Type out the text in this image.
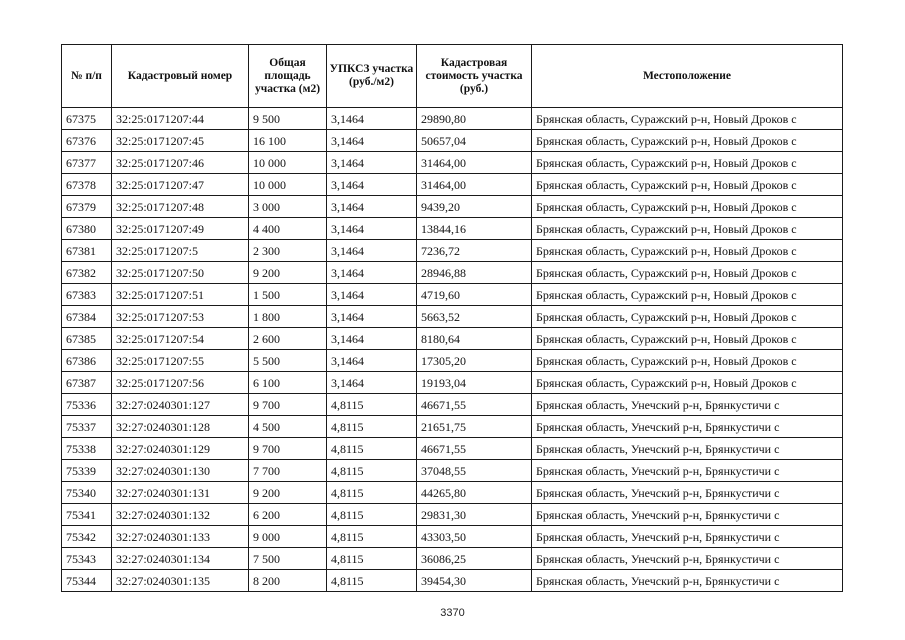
№ п/п	Кадастровый номер	Общая площадь участка (м2)	УПКСЗ участка (руб./м2)	Кадастровая стоимость участка (руб.)	Местоположение
67375	32:25:0171207:44	9 500	3,1464	29890,80	Брянская область, Суражский р-н, Новый Дроков с
67376	32:25:0171207:45	16 100	3,1464	50657,04	Брянская область, Суражский р-н, Новый Дроков с
67377	32:25:0171207:46	10 000	3,1464	31464,00	Брянская область, Суражский р-н, Новый Дроков с
67378	32:25:0171207:47	10 000	3,1464	31464,00	Брянская область, Суражский р-н, Новый Дроков с
67379	32:25:0171207:48	3 000	3,1464	9439,20	Брянская область, Суражский р-н, Новый Дроков с
67380	32:25:0171207:49	4 400	3,1464	13844,16	Брянская область, Суражский р-н, Новый Дроков с
67381	32:25:0171207:5	2 300	3,1464	7236,72	Брянская область, Суражский р-н, Новый Дроков с
67382	32:25:0171207:50	9 200	3,1464	28946,88	Брянская область, Суражский р-н, Новый Дроков с
67383	32:25:0171207:51	1 500	3,1464	4719,60	Брянская область, Суражский р-н, Новый Дроков с
67384	32:25:0171207:53	1 800	3,1464	5663,52	Брянская область, Суражский р-н, Новый Дроков с
67385	32:25:0171207:54	2 600	3,1464	8180,64	Брянская область, Суражский р-н, Новый Дроков с
67386	32:25:0171207:55	5 500	3,1464	17305,20	Брянская область, Суражский р-н, Новый Дроков с
67387	32:25:0171207:56	6 100	3,1464	19193,04	Брянская область, Суражский р-н, Новый Дроков с
75336	32:27:0240301:127	9 700	4,8115	46671,55	Брянская область, Унечский р-н, Брянкустичи с
75337	32:27:0240301:128	4 500	4,8115	21651,75	Брянская область, Унечский р-н, Брянкустичи с
75338	32:27:0240301:129	9 700	4,8115	46671,55	Брянская область, Унечский р-н, Брянкустичи с
75339	32:27:0240301:130	7 700	4,8115	37048,55	Брянская область, Унечский р-н, Брянкустичи с
75340	32:27:0240301:131	9 200	4,8115	44265,80	Брянская область, Унечский р-н, Брянкустичи с
75341	32:27:0240301:132	6 200	4,8115	29831,30	Брянская область, Унечский р-н, Брянкустичи с
75342	32:27:0240301:133	9 000	4,8115	43303,50	Брянская область, Унечский р-н, Брянкустичи с
75343	32:27:0240301:134	7 500	4,8115	36086,25	Брянская область, Унечский р-н, Брянкустичи с
75344	32:27:0240301:135	8 200	4,8115	39454,30	Брянская область, Унечский р-н, Брянкустичи с
3370
